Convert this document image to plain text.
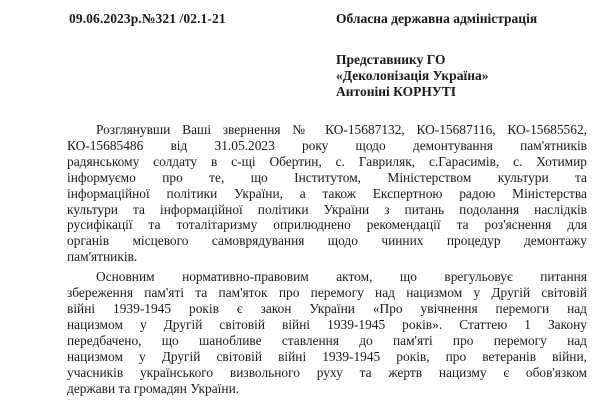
09.06.2023р.№321 /02.1-21	Обласна державна адміністрація
Представнику ГО
«Деколонізація Україна»
Антоніні КОРНУТІ

Розглянувши Ваші звернення № КО-15687132, КО-15687116, КО-15685562,
КО-15685486 від 31.05.2023 року щодо демонтування пам'ятників
радянському солдату в с-щі Обертин, с. Гавриляк, с.Гарасимів, с. Хотимир
інформуємо про те, що Інститутом, Міністерством культури та
інформаційної політики України, а також Експертною радою Міністерства
культури та інформаційної політики України з питань подолання наслідків
русифікації та тоталітаризму оприлюднено рекомендації та роз'яснення для
органів місцевого самоврядування щодо чинних процедур демонтажу
пам'ятників.

Основним нормативно-правовим актом, що врегульовує питання
збереження пам'яті та пам'яток про перемогу над нацизмом у Другій світовій
війні 1939-1945 років є закон України «Про увічнення перемоги над
нацизмом у Другій світовій війні 1939-1945 років». Статтею 1 Закону
передбачено, що шанобливе ставлення до пам'яті про перемогу над
нацизмом у Другій світовій війні 1939-1945 років, про ветеранів війни,
учасників українського визвольного руху та жертв нацизму є обов'язком
держави та громадян України.
